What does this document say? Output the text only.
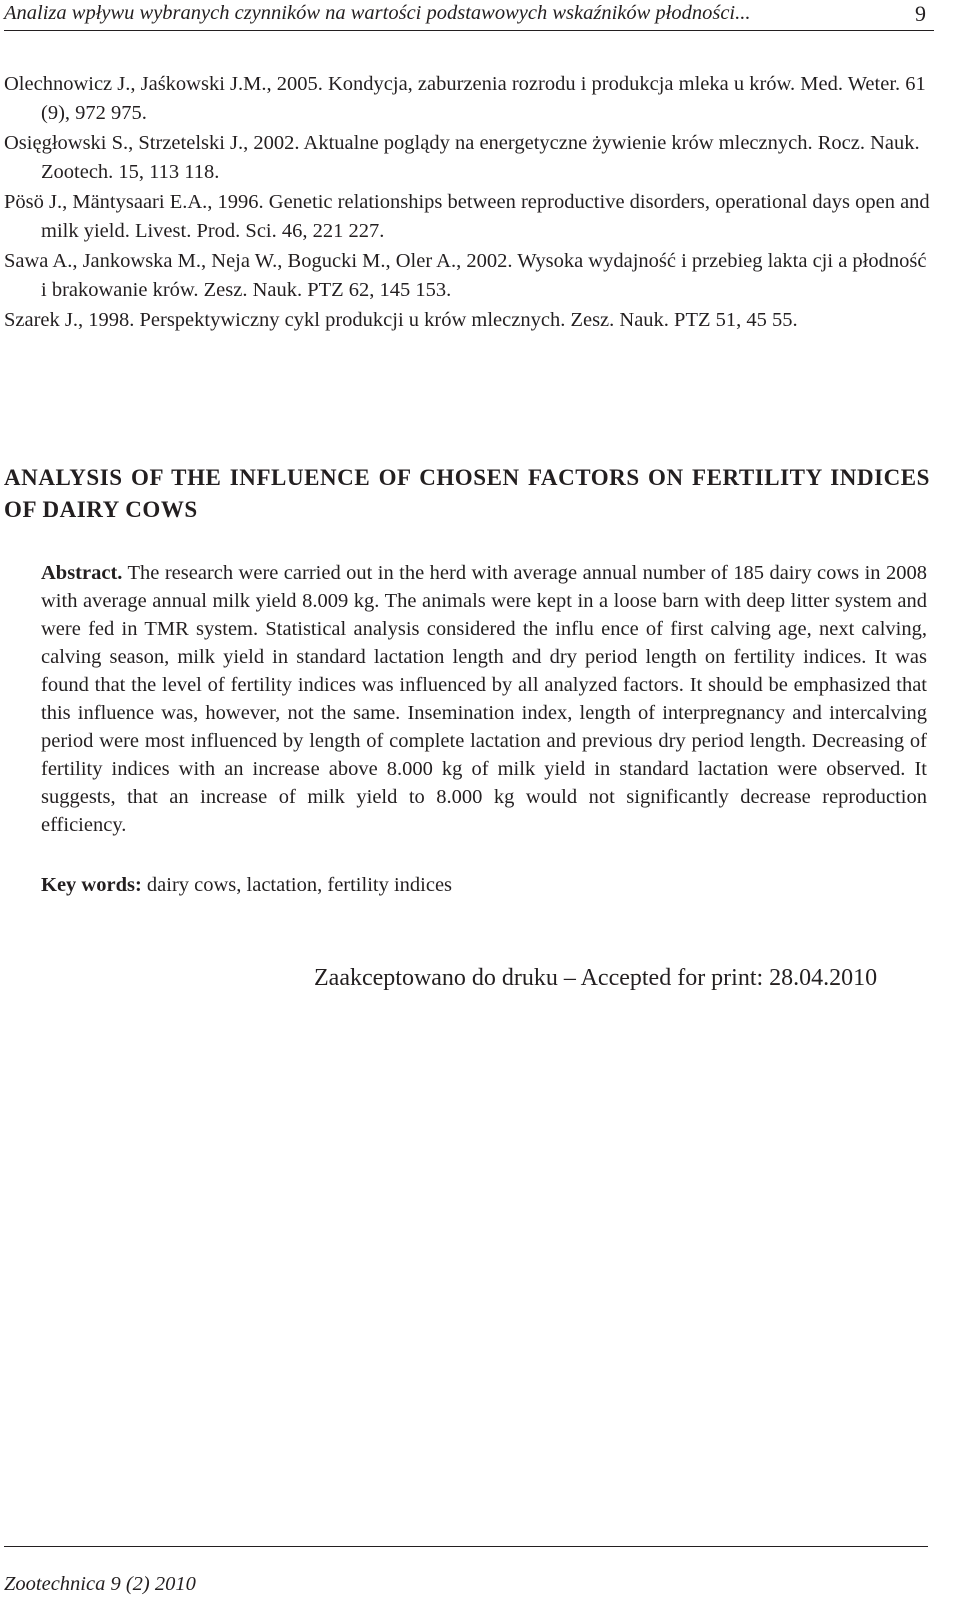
Analiza wpływu wybranych czynników na wartości podstawowych wskaźników płodności...	9

Olechnowicz J., Jaśkowski J.M., 2005. Kondycja, zaburzenia rozrodu i produkcja mleka u krów. Med. Weter. 61 (9), 972 975.

Osięgłowski S., Strzetelski J., 2002. Aktualne poglądy na energetyczne żywienie krów mlecznych. Rocz. Nauk. Zootech. 15, 113 118.

Pösö J., Mäntysaari E.A., 1996. Genetic relationships between reproductive disorders, operational days open and milk yield. Livest. Prod. Sci. 46, 221 227.

Sawa A., Jankowska M., Neja W., Bogucki M., Oler A., 2002. Wysoka wydajność i przebieg lakta cji a płodność i brakowanie krów. Zesz. Nauk. PTZ 62, 145 153.

Szarek J., 1998. Perspektywiczny cykl produkcji u krów mlecznych. Zesz. Nauk. PTZ 51, 45 55.

ANALYSIS OF THE INFLUENCE OF CHOSEN FACTORS ON FERTILITY INDICES OF DAIRY COWS

Abstract. The research were carried out in the herd with average annual number of 185 dairy cows in 2008 with average annual milk yield 8.009 kg. The animals were kept in a loose barn with deep litter system and were fed in TMR system. Statistical analysis considered the influ ence of first calving age, next calving, calving season, milk yield in standard lactation length and dry period length on fertility indices. It was found that the level of fertility indices was influenced by all analyzed factors. It should be emphasized that this influence was, however, not the same. Insemination index, length of interpregnancy and intercalving period were most influenced by length of complete lactation and previous dry period length. Decreasing of fertility indices with an increase above 8.000 kg of milk yield in standard lactation were observed. It suggests, that an increase of milk yield to 8.000 kg would not significantly decrease reproduction efficiency.

Key words: dairy cows, lactation, fertility indices

Zaakceptowano do druku – Accepted for print: 28.04.2010

Zootechnica 9 (2) 2010
